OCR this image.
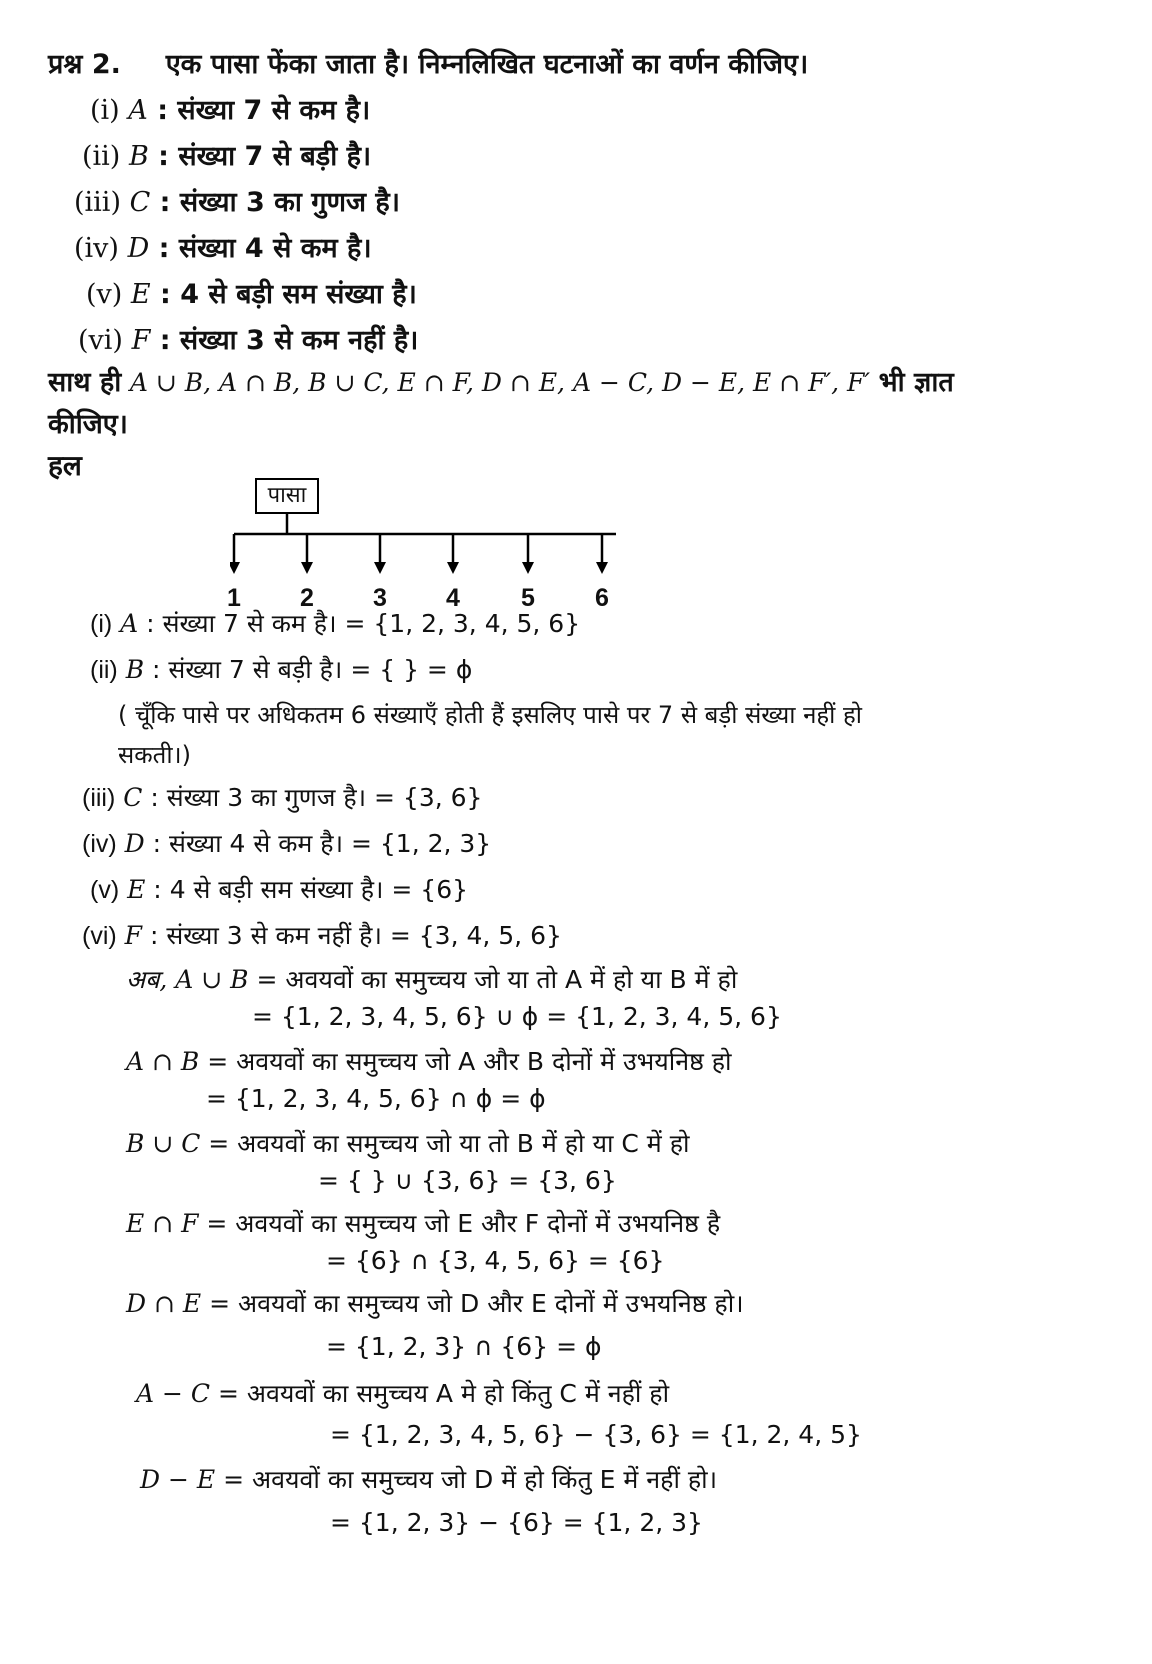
प्रश्न 2. एक पासा फेंका जाता है। निम्नलिखित घटनाओं का वर्णन कीजिए।
(i) A : संख्या 7 से कम है।
(ii) B : संख्या 7 से बड़ी है।
(iii) C : संख्या 3 का गुणज है।
(iv) D : संख्या 4 से कम है।
(v) E : 4 से बड़ी सम संख्या है।
(vi) F : संख्या 3 से कम नहीं है।
साथ ही A ∪ B, A ∩ B, B ∪ C, E ∩ F, D ∩ E, A − C, D − E, E ∩ F′, F′ भी ज्ञात
कीजिए।
हल
पासा
1	2	3	4	5	6
(i) A : संख्या 7 से कम है। = {1, 2, 3, 4, 5, 6}
(ii) B : संख्या 7 से बड़ी है। = { } = ϕ
( चूँकि पासे पर अधिकतम 6 संख्याएँ होती हैं इसलिए पासे पर 7 से बड़ी संख्या नहीं हो
सकती।)
(iii) C : संख्या 3 का गुणज है। = {3, 6}
(iv) D : संख्या 4 से कम है। = {1, 2, 3}
(v) E : 4 से बड़ी सम संख्या है। = {6}
(vi) F : संख्या 3 से कम नहीं है। = {3, 4, 5, 6}
अब, A ∪ B = अवयवों का समुच्चय जो या तो A में हो या B में हो
= {1, 2, 3, 4, 5, 6} ∪ ϕ = {1, 2, 3, 4, 5, 6}
A ∩ B = अवयवों का समुच्चय जो A और B दोनों में उभयनिष्ठ हो
= {1, 2, 3, 4, 5, 6} ∩ ϕ = ϕ
B ∪ C = अवयवों का समुच्चय जो या तो B में हो या C में हो
= { } ∪ {3, 6} = {3, 6}
E ∩ F = अवयवों का समुच्चय जो E और F दोनों में उभयनिष्ठ है
= {6} ∩ {3, 4, 5, 6} = {6}
D ∩ E = अवयवों का समुच्चय जो D और E दोनों में उभयनिष्ठ हो।
= {1, 2, 3} ∩ {6} = ϕ
A − C = अवयवों का समुच्चय A मे हो किंतु C में नहीं हो
= {1, 2, 3, 4, 5, 6} − {3, 6} = {1, 2, 4, 5}
D − E = अवयवों का समुच्चय जो D में हो किंतु E में नहीं हो।
= {1, 2, 3} − {6} = {1, 2, 3}
